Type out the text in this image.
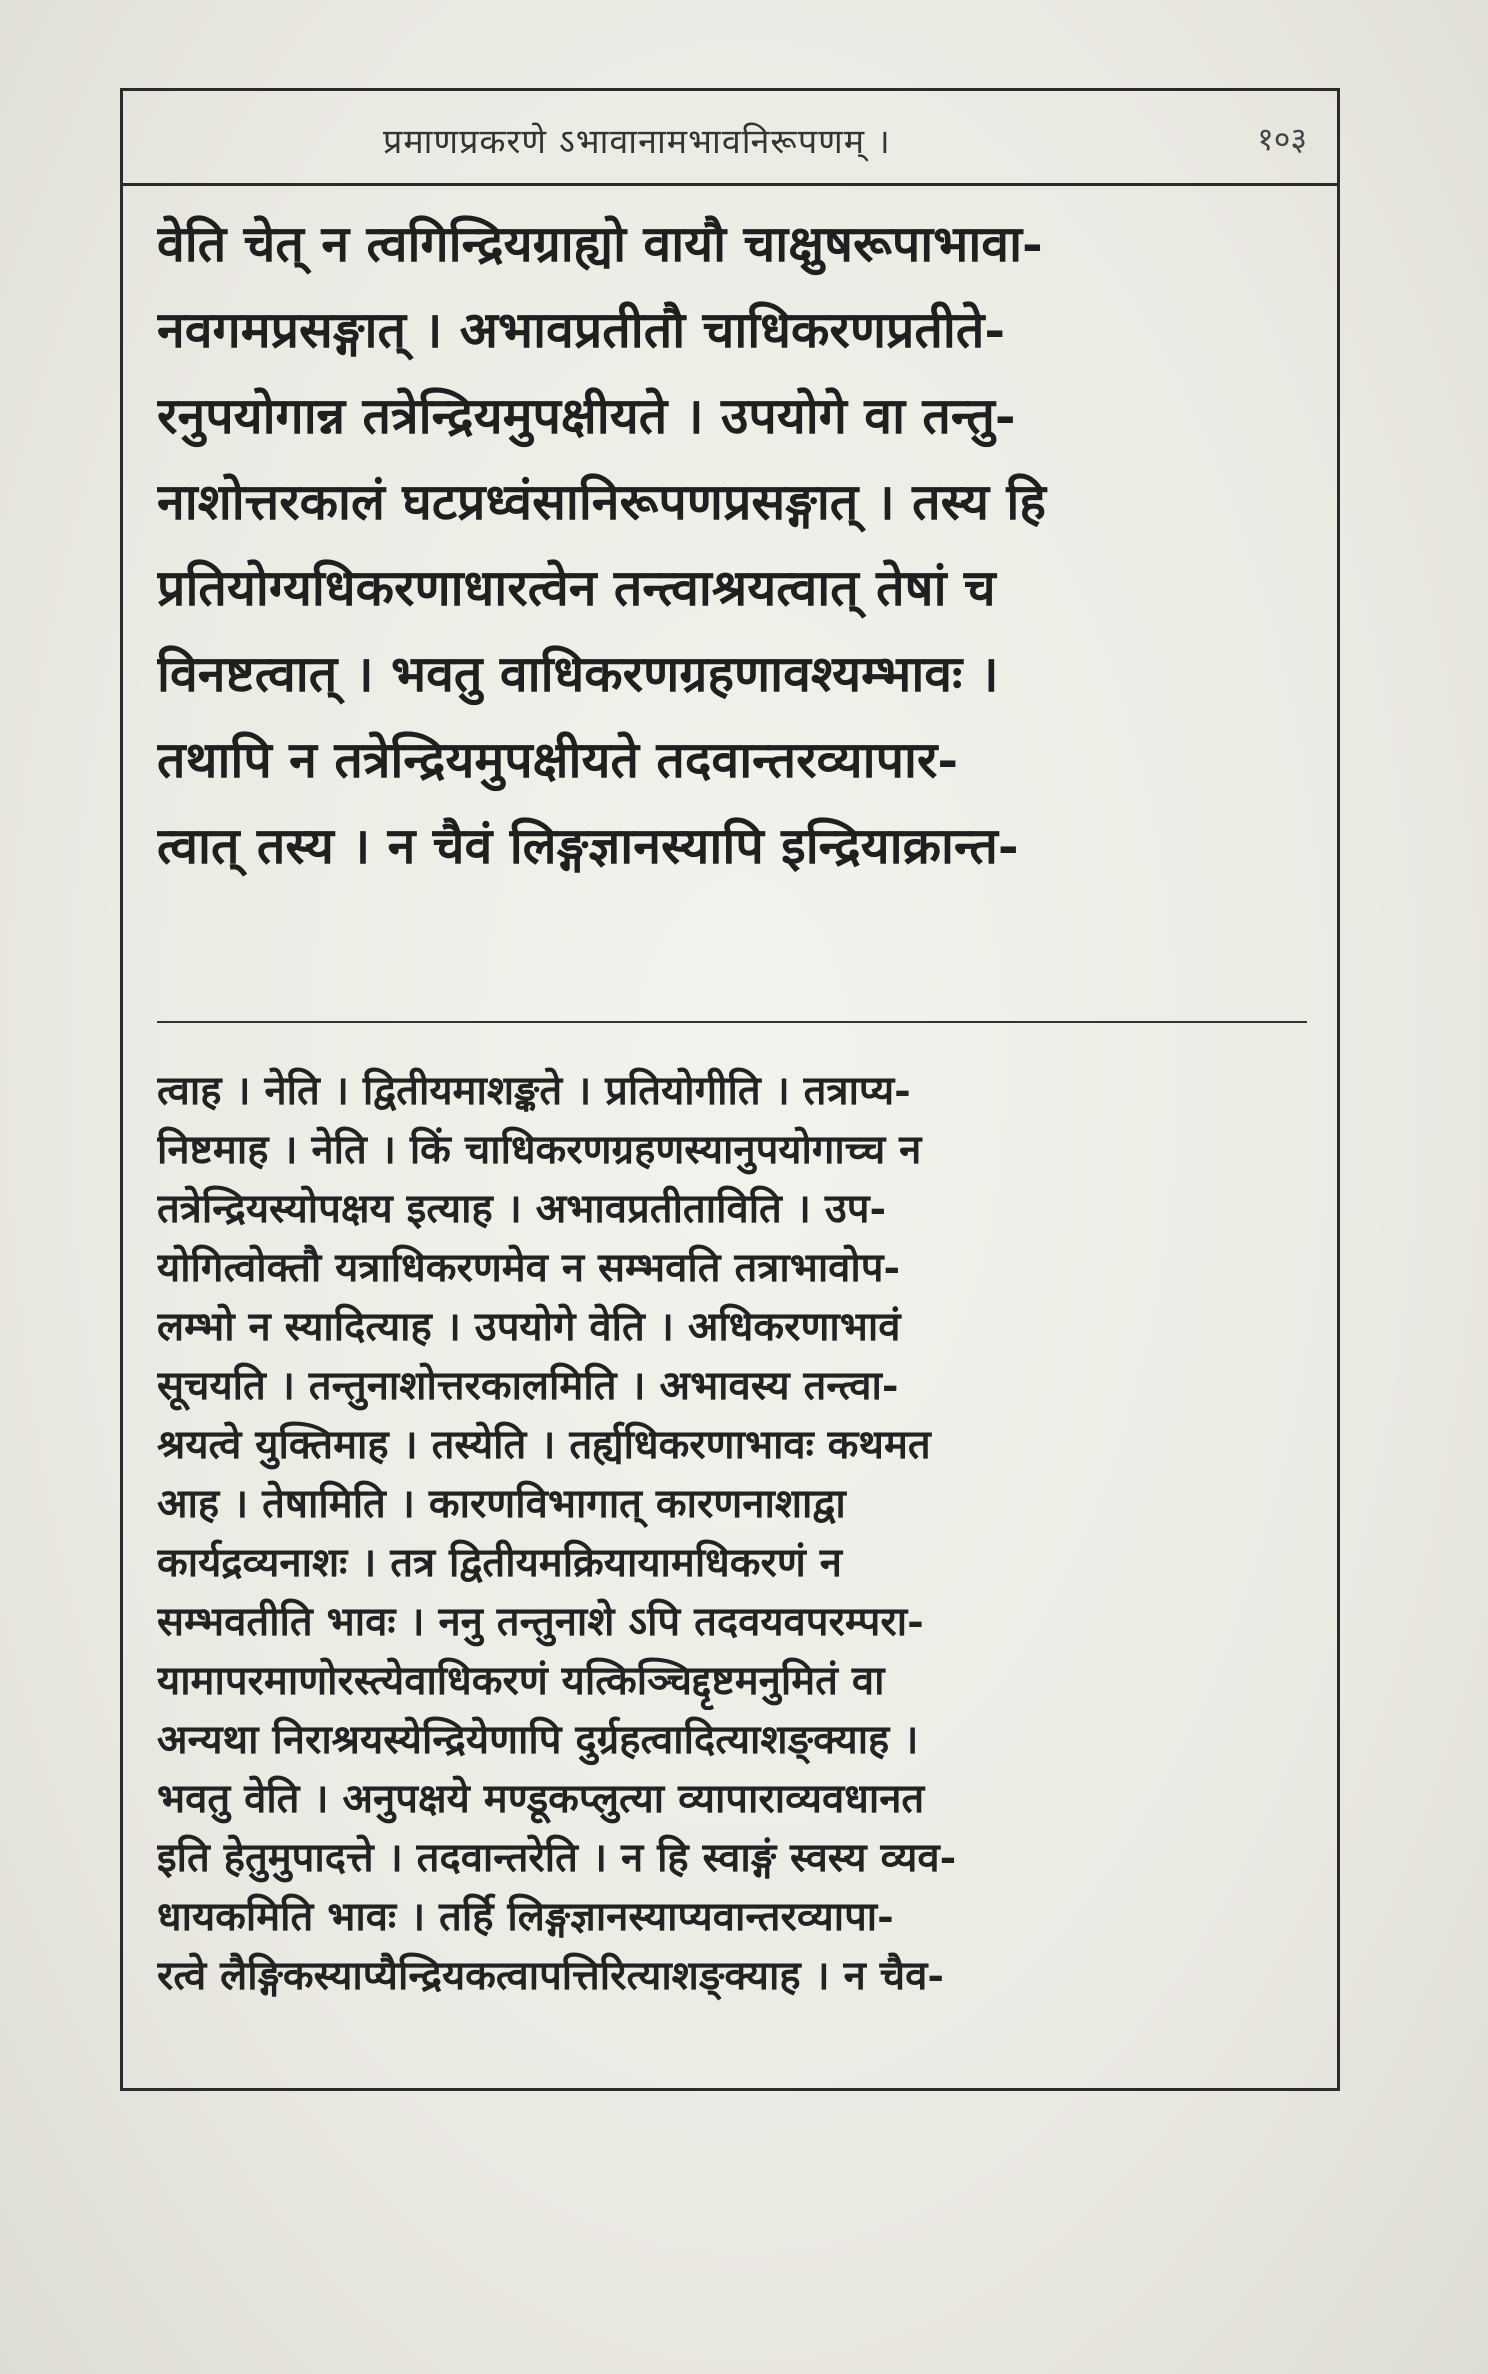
प्रमाणप्रकरणे ऽभावानामभावनिरूपणम् ।	१०३
वेति चेत् न त्वगिन्द्रियग्राह्यो वायौ चाक्षुषरूपाभावा-
नवगमप्रसङ्गात् । अभावप्रतीतौ चाधिकरणप्रतीते-
रनुपयोगान्न तत्रेन्द्रियमुपक्षीयते । उपयोगे वा तन्तु-
नाशोत्तरकालं घटप्रध्वंसानिरूपणप्रसङ्गात् । तस्य हि
प्रतियोग्यधिकरणाधारत्वेन तन्त्वाश्रयत्वात् तेषां च
विनष्टत्वात् । भवतु वाधिकरणग्रहणावश्यम्भावः ।
तथापि न तत्रेन्द्रियमुपक्षीयते तदवान्तरव्यापार-
त्वात् तस्य । न चैवं लिङ्गज्ञानस्यापि इन्द्रियाक्रान्त-
त्वाह । नेति । द्वितीयमाशङ्कते । प्रतियोगीति । तत्राप्य-
निष्टमाह । नेति । किं चाधिकरणग्रहणस्यानुपयोगाच्च न
तत्रेन्द्रियस्योपक्षय इत्याह । अभावप्रतीताविति । उप-
योगित्वोक्तौ यत्राधिकरणमेव न सम्भवति तत्राभावोप-
लम्भो न स्यादित्याह । उपयोगे वेति । अधिकरणाभावं
सूचयति । तन्तुनाशोत्तरकालमिति । अभावस्य तन्त्वा-
श्रयत्वे युक्तिमाह । तस्येति । तर्ह्यधिकरणाभावः कथमत
आह । तेषामिति । कारणविभागात् कारणनाशाद्वा
कार्यद्रव्यनाशः । तत्र द्वितीयमक्रियायामधिकरणं न
सम्भवतीति भावः । ननु तन्तुनाशे ऽपि तदवयवपरम्परा-
यामापरमाणोरस्त्येवाधिकरणं यत्किञ्चिद्दृष्टमनुमितं वा
अन्यथा निराश्रयस्येन्द्रियेणापि दुर्ग्रहत्वादित्याशङ्क्याह ।
भवतु वेति । अनुपक्षये मण्डूकप्लुत्या व्यापाराव्यवधानत
इति हेतुमुपादत्ते । तदवान्तरेति । न हि स्वाङ्गं स्वस्य व्यव-
धायकमिति भावः । तर्हि लिङ्गज्ञानस्याप्यवान्तरव्यापा-
रत्वे लैङ्गिकस्याप्यैन्द्रियकत्वापत्तिरित्याशङ्क्याह । न चैव-
